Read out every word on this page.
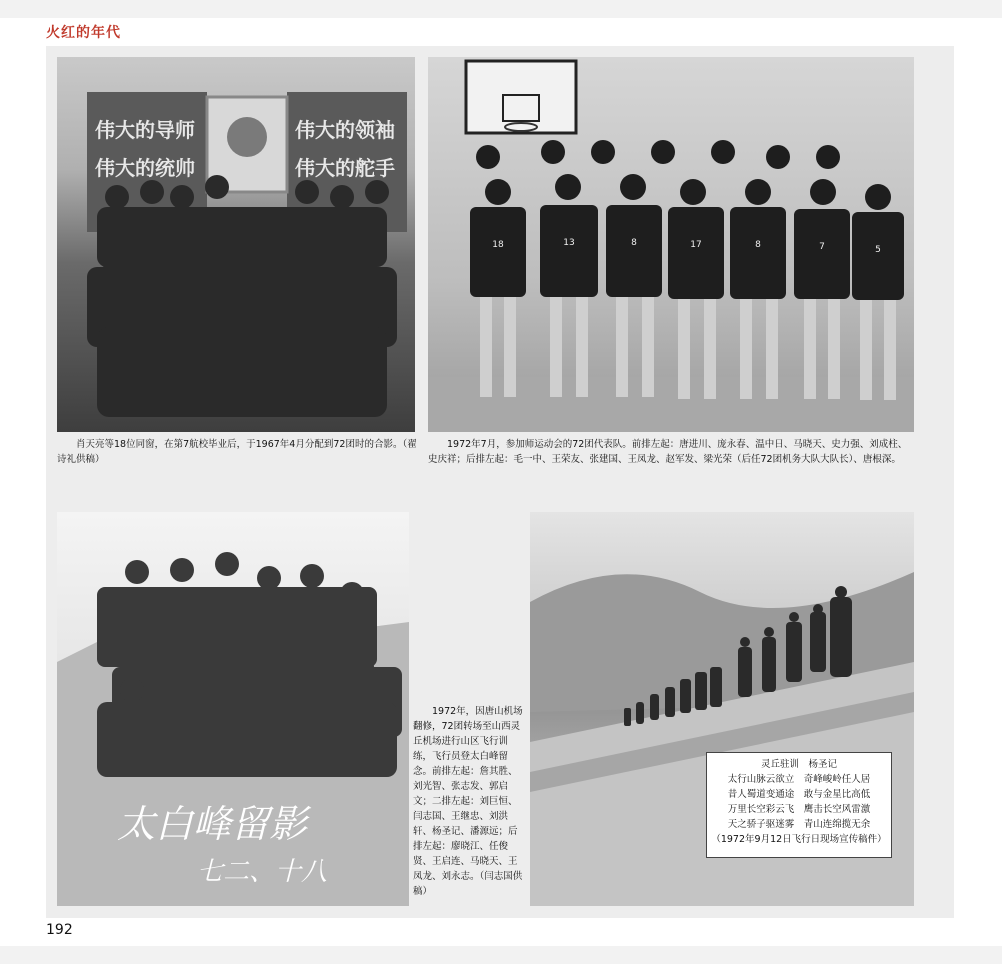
火红的年代
伟大的导师	伟大的领袖
伟大的统帅	伟大的舵手
18	13	8	17	8	7	5
肖天亮等18位同窗，在第7航校毕业后，于1967年4月分配到72团时的合影。（翟诗礼供稿）
1972年7月，参加师运动会的72团代表队。前排左起：唐进川、庞永春、温中日、马晓天、史力强、刘成柱、史庆祥；后排左起：毛一中、王荣友、张建国、王凤龙、赵军发、梁光荣（后任72团机务大队大队长）、唐根深。
太白峰留影
七二、十八
1972年，因唐山机场翻修，72团转场至山西灵丘机场进行山区飞行训练，飞行员登太白峰留念。前排左起：詹其胜、刘光智、张志发、郭启文；二排左起：刘巨恒、闫志国、王继忠、刘洪轩、杨圣记、潘源远；后排左起：廖晓江、任俊贤、王启连、马晓天、王凤龙、刘永志。（闫志国供稿）
灵丘驻训　杨圣记
太行山脉云欲立　奇峰峻岭任人居
昔人蜀道变通途　敢与金星比高低
万里长空彩云飞　鹰击长空风雷激
天之骄子驱迷雾　青山连绵揽无余
（1972年9月12日飞行日现场宣传稿件）
192
